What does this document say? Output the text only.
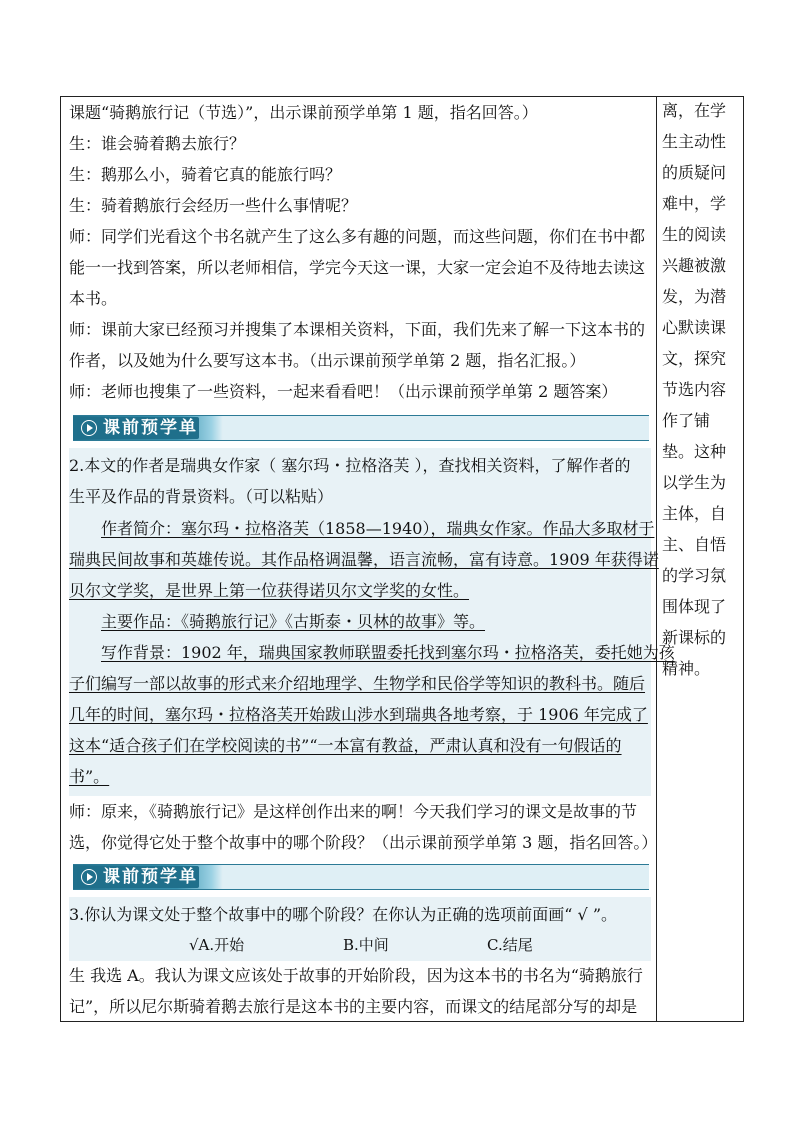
课题“骑鹅旅行记（节选）”，出示课前预学单第 1 题，指名回答。）
生：谁会骑着鹅去旅行？
生：鹅那么小，骑着它真的能旅行吗？
生：骑着鹅旅行会经历一些什么事情呢？
师：同学们光看这个书名就产生了这么多有趣的问题，而这些问题，你们在书中都
能一一找到答案，所以老师相信，学完今天这一课，大家一定会迫不及待地去读这
本书。
师：课前大家已经预习并搜集了本课相关资料，下面，我们先来了解一下这本书的
作者，以及她为什么要写这本书。（出示课前预学单第 2 题，指名汇报。）
师：老师也搜集了一些资料，一起来看看吧！（出示课前预学单第 2 题答案）
课前预学单
2.本文的作者是瑞典女作家（ 塞尔玛・拉格洛芙 ），查找相关资料，了解作者的
生平及作品的背景资料。（可以粘贴）
作者简介：塞尔玛・拉格洛芙（1858—1940），瑞典女作家。作品大多取材于
瑞典民间故事和英雄传说。其作品格调温馨，语言流畅，富有诗意。1909 年获得诺
贝尔文学奖，是世界上第一位获得诺贝尔文学奖的女性。
主要作品：《骑鹅旅行记》《古斯泰・贝林的故事》等。
写作背景：1902 年，瑞典国家教师联盟委托找到塞尔玛・拉格洛芙，委托她为孩
子们编写一部以故事的形式来介绍地理学、生物学和民俗学等知识的教科书。随后
几年的时间，塞尔玛・拉格洛芙开始跋山涉水到瑞典各地考察，于 1906 年完成了
这本“适合孩子们在学校阅读的书”“一本富有教益，严肃认真和没有一句假话的
书”。
师：原来，《骑鹅旅行记》是这样创作出来的啊！今天我们学习的课文是故事的节
选，你觉得它处于整个故事中的哪个阶段？（出示课前预学单第 3 题，指名回答。）
课前预学单
3.你认为课文处于整个故事中的哪个阶段？在你认为正确的选项前面画“ √ ”。
√A.开始	B.中间	C.结尾
生 我选 A。我认为课文应该处于故事的开始阶段，因为这本书的书名为“骑鹅旅行
记”，所以尼尔斯骑着鹅去旅行是这本书的主要内容，而课文的结尾部分写的却是
离，在学
生主动性
的质疑问
难中，学
生的阅读
兴趣被激
发，为潜
心默读课
文，探究
节选内容
作了铺
垫。这种
以学生为
主体，自
主、自悟
的学习氛
围体现了
新课标的
精神。
